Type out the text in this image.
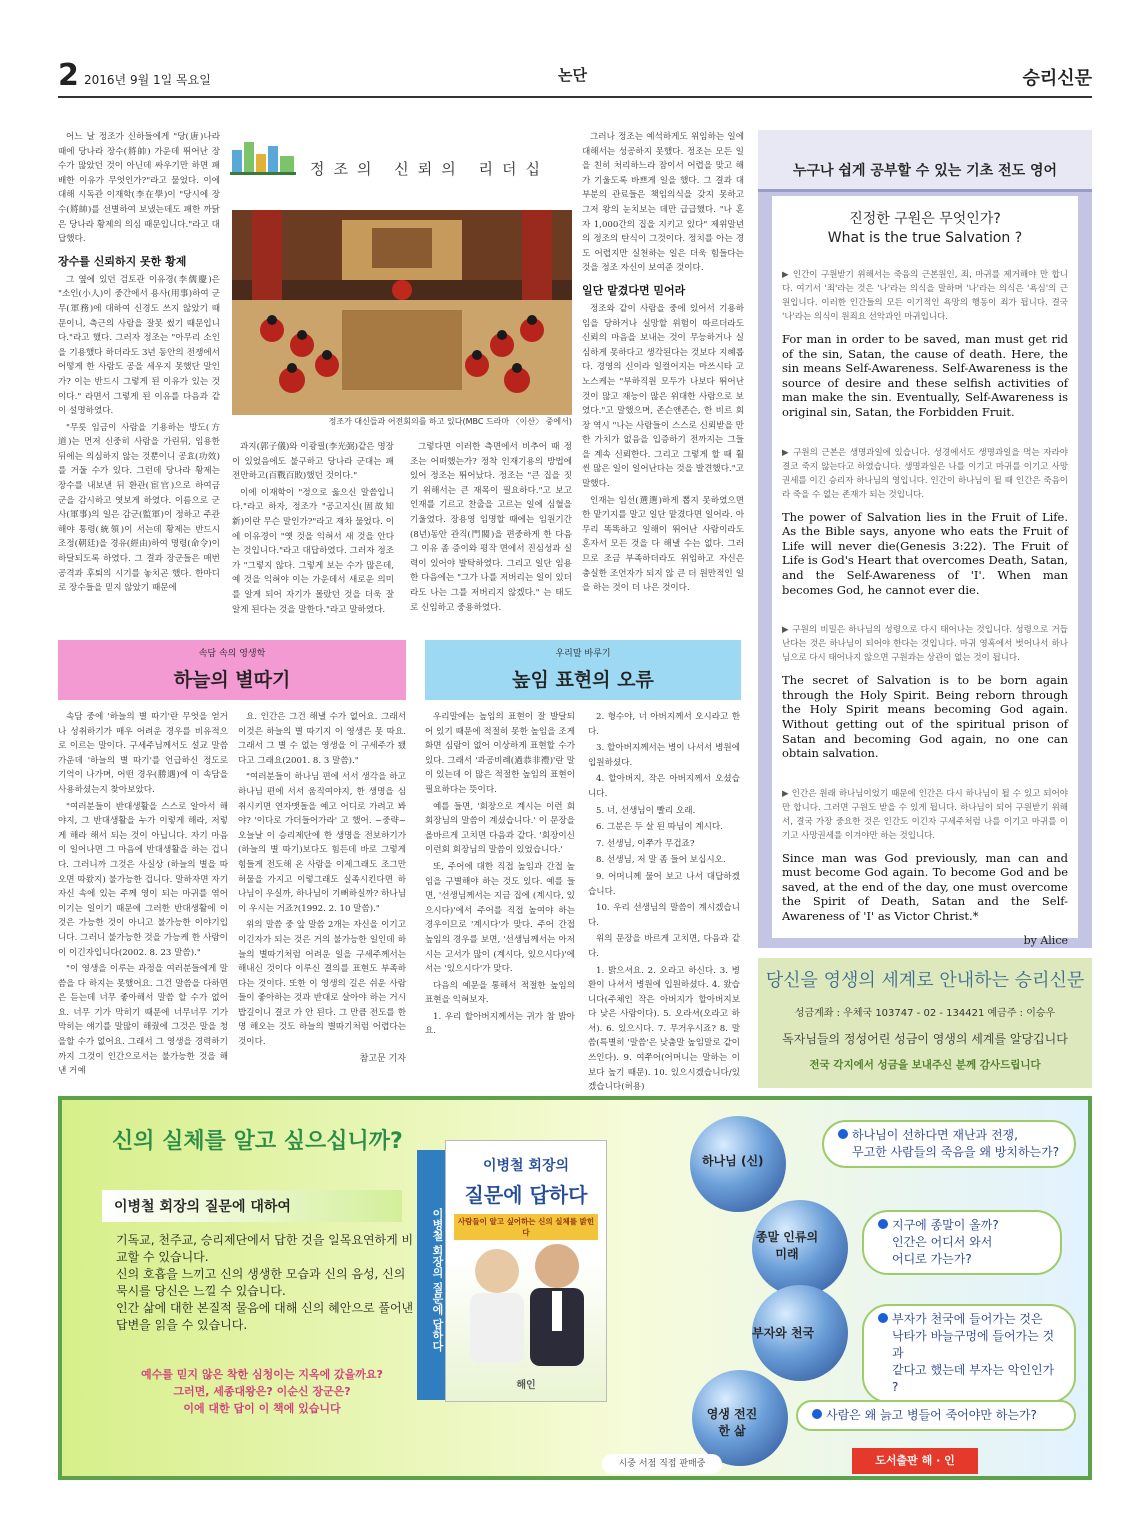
2 2016년 9월 1일 목요일	논단	승리신문

어느 날 정조가 신하들에게 "당(唐)나라 때에 당나라 장수(將帥) 가운데 뛰어난 장수가 많았던 것이 아닌데 싸우기만 하면 패배한 이유가 무엇인가?"라고 물었다. 이에 대해 시독관 이재학(李在學)이 "당시에 장수(將帥)를 선별하여 보냈는데도 패한 까닭은 당나라 황제의 의심 때문입니다."라고 대답했다.

장수를 신뢰하지 못한 황제

그 옆에 있던 검토관 이유경(李儒慶)은 "소인(小人)이 중간에서 용사(用事)하여 군무(軍務)에 대하여 신경도 쓰지 않았기 때문이니, 측근의 사람을 잘못 썼기 때문입니다."라고 했다. 그러자 정조는 "아무리 소인을 기용했다 하더라도 3년 동안의 전쟁에서 어떻게 한 사람도 공을 세우지 못했단 말인가? 이는 반드시 그렇게 된 이유가 있는 것이다." 라면서 그렇게 된 이유를 다음과 같이 설명하였다.

"무릇 임금이 사람을 기용하는 방도(方道)는 먼저 신중히 사람을 가린뒤, 임용한 뒤에는 의심하지 않는 것뿐이니 공효(功效)를 거둘 수가 있다. 그런데 당나라 황제는 장수를 내보낸 뒤 환관(宦官)으로 하여금 군을 감시하고 엿보게 하였다. 이름으로 군사(軍事)의 일은 감군(監軍)이 정하고 주관해야 통령(統領)이 서는데 황제는 반드시 조정(朝廷)을 경유(經由)하여 명령(命令)이 하달되도록 하였다. 그 결과 장군들은 매번 공격과 후퇴의 시기를 놓치곤 했다. 한마디로 장수들을 믿지 않았기 때문에

정조의 신뢰의 리더십
정조가 대신들과 어전회의를 하고 있다(MBC 드라마 〈이산〉 중에서)

과지(郭子儀)와 이광필(李光弼)같은 명장이 있었음에도 불구하고 당나라 군대는 패전만하고(百戰百敗)했던 것이다."

이에 이재학이 "정으로 옳으신 말씀입니다."라고 하자, 정조가 "공고지신(固故知新)이란 무슨 말인가?"라고 재차 물었다. 이에 이유경이 "옛 것을 익혀서 새 것을 안다는 것입니다."라고 대답하였다. 그러자 정조가 "그렇지 않다. 그렇게 보는 수가 많은데, 예 것을 익혀야 이는 가운데서 새로운 의미를 알게 되어 자기가 몰랐던 것을 더욱 잘 알게 된다는 것을 말한다."라고 말하였다.

그렇다면 이러한 측면에서 비추어 때 정조는 어떠했는가? 정착 인재기용의 방법에 있어 정조는 뛰어났다. 정조는 "큰 집을 짓기 위해서는 큰 재목이 필요하다."고 보고 인재를 기르고 찬출을 고르는 일에 심혈을 기울였다. 장용영 임명할 때에는 임원기간(8년)동안 관직(門閥)을 편중하게 한 다음 그 이유 좀 증이와 평작 면에서 진심성과 실력이 있어야 발탁하였다. 그리고 일단 임용한 다음에는 "그가 나를 저버리는 일이 있더라도 나는 그를 저버리지 않겠다." 는 태도로 신임하고 중용하였다.

그러나 정조는 예석하게도 위임하는 일에 대해서는 성공하지 못했다. 정조는 모든 일을 친히 처리하느라 잠이서 어렵을 맞고 해가 기울도록 바쁘게 일을 했다. 그 결과 대부분의 관료들은 책임의식을 갖지 못하고 그저 왕의 눈치보는 데만 급급했다. "나 혼자 1,000간의 집을 지키고 있다" 제위말년의 정조의 탄식이 그것이다. 정치를 아는 경도 어렵지만 실천하는 일은 더욱 힘들다는 것을 정조 자신이 보여준 것이다.

일단 맡겼다면 믿어라

정조와 같이 사람을 중에 있어서 기용하임을 당하거나 실망할 위험이 따르더라도 신뢰의 마음을 보내는 것이 무능하거나 실심하게 못하다고 생각된다는 것보다 지혜롭다. 경영의 신이라 일컬어지는 마쓰시타 고노스케는 "부하직원 모두가 나보다 뛰어난 것이 많고 재능이 많은 위대한 사람으로 보였다."고 말했으며, 존슨앤존슨, 한 비르 회장 역시 "나는 사람들이 스스로 신뢰받을 만한 가치가 없음을 입증하기 전까지는 그들을 계속 신뢰한다. 그리고 그렇게 할 때 훨씬 많은 일이 일어난다는 것을 발견했다."고 말했다.

인재는 임선(選選)하게 뽑지 못하였으면 한 맡기지를 말고 일단 맡겼다면 일어라. 아무리 똑똑하고 일해이 뛰어난 사람이라도 혼자서 모든 것을 다 해낼 수는 없다. 그러므로 조금 부족하더라도 위임하고 자신은 충실한 조언자가 되지 않 큰 더 원만적인 일을 하는 것이 더 나은 것이다.

속담 속의 영생학
하늘의 별따기

속담 중에 '하늘의 별 따기'란 무엇을 얻거나 성취하기가 매우 어려운 경우를 비유적으로 이르는 말이다. 구세주님께서도 설교 말씀 가운데 '하늘의 별 따기'를 언급하신 정도로 기억이 나가며, 어떤 경우(勝遇)에 이 속담을 사용하셨는지 찾아보았다.

"여러분들이 반대생활을 스스로 알아서 해야지, 그 반대생활을 누가 이렇게 해라, 저렇게 해라 해서 되는 것이 아닙니다. 자기 마음이 일어나면 그 마음에 반대생활을 하는 겁니다. 그러니까 그것은 사실상 (하늘의 별을 따오면 따왔지) 불가능한 겁니다. 말하자면 자기 자신 속에 있는 주께 영이 되는 마귀를 엮어 이기는 일이기 때문에 그러한 반대생활에 이것은 가능한 것이 아니고 불가능한 이야기입니다. 그러니 불가능한 것을 가능케 한 사람이 이 이긴자입니다(2002. 8. 23 말씀)."

"이 영생을 이루는 과정을 여러분들에게 말씀을 다 하지는 못했어요. 그건 말씀을 다하면은 듣는데 너무 좋아해서 말씀 할 수가 없어요. 너무 기가 막히기 때문에 너무너무 기가 막히는 얘기를 말많이 해줬에 그것은 말을 청을할 수가 없어요. 그래서 그 영생을 경력하기까지 그것이 인간으로서는 불가능한 것을 해낸 거예

요. 인간은 그건 해낼 수가 없어요. 그래서 이것은 하늘의 별 따기지 이 영생은 못 따요. 그래서 그 별 수 없는 영생을 이 구세주가 됐다고 그래요(2001. 8. 3 말씀)."

"여러분들이 하나님 편에 서서 생각을 하고 하나님 편에 서서 움직여야지, 한 생명을 심취시키면 연자맷돌을 예고 어디로 가려고 봐야? '이다로 가더들어가라' 고 했어. ~중략~ 오늘날 이 승리제단에 한 생명을 전보하기가 (하늘의 별 따기)보다도 힘든데 바로 그렇게 힘들게 전도해 온 사람을 이제그래도 조그만 허물을 가지고 이렇그래도 실족시킨다면 하나님이 우실까, 하나님이 기뻐하실까? 하나님이 우시는 거죠?(1992. 2. 10 말씀)."

위의 말씀 중 앞 말씀 2개는 자신을 이기고 이긴자가 되는 것은 거의 불가능한 일인데 하늘의 별따기처럼 어려운 일을 구세주께서는 해내신 것이다 이루신 결의를 표현도 부족하다는 것이다. 또한 이 영생의 길은 쉬운 사람들이 좋아하는 것과 반대로 살아야 하는 거시밥길이니 결코 가 안 된다. 그 만큼 전도를 한 명 해오는 것도 하늘의 별따기처럼 어렵다는 것이다.

참고문 기자
우리말 바루기
높임 표현의 오류

우리말에는 높임의 표현이 잘 발달되어 있기 때문에 적절히 못한 높임을 조게 화면 심람이 없어 이상하게 표현할 수가 있다. 그래서 '과공비례(過恭非禮)'란 말이 있는데 이 많은 적절한 높임의 표현이 필요하다는 뜻이다.

예를 들면, '회장으로 계시는 이런 회 회장님의 말씀이 계셨습니다.' 이 문장을 올바르게 고치면 다음과 같다. '회장이신 이런회 회장님의 말씀이 있었습니다.'

또, 주어에 대한 직접 높임과 간접 높임을 구별해야 하는 것도 있다. 예를 들면, '선생님께서는 지금 집에 (계시다, 있으시다)'에서 주어를 직접 높여야 하는 경우이므로 '계시다'가 맞다. 주어 간접 높임의 경우를 보면, '선생님께서는 아저시는 고서가 많이 (계시다, 있으시다)'에서는 '있으시다'가 맞다.

다음의 예문을 통해서 적절한 높임의 표현을 익혀보자.

1. 우리 할아버지께서는 귀가 참 밝아요.

2. 형수야, 너 아버지께서 오시라고 한다.

3. 할아버지께서는 병이 나서서 병원에 입원하셨다.

4. 할아버지, 작은 아버지께서 오셨습니다.

5. 너, 선생님이 빨리 오래.

6. 그분은 두 살 된 따님이 계시다.

7. 선생님, 이쭈가 무겁죠?

8. 선생님, 저 말 좀 들어 보십시오.

9. 어머니께 물어 보고 나서 대답하겠습니다.

10. 우리 선생님의 말씀이 계시겠습니다.

위의 문장을 바르게 고치면, 다음과 같다.

1. 밝으셔요. 2. 오라고 하신다. 3. 병환이 나셔서 병원에 입원하셨다. 4. 왔습니다(주체인 작은 아버지가 할아버지보다 낮은 사람이다). 5. 오라셔(오라고 하셔). 6. 있으시다. 7. 무거우시죠? 8. 말씀(특별히 '말씀'은 낮춤말 높임말로 같이 쓰인다). 9. 여쭈어(어머니는 말하는 이보다 높기 때문). 10. 있으시겠습니다/있겠습니다(허용)

누구나 쉽게 공부할 수 있는 기초 전도 영어
진정한 구원은 무엇인가?
What is the true Salvation ?
▶ 인간이 구원받기 위해서는 죽음의 근본원인, 죄, 마귀를 제거해야 만 합니다. 여기서 '죄'라는 것은 '나'라는 의식을 말하며 '나'라는 의식은 '욕심'의 근원입니다. 이러한 인간들의 모든 이기적인 욕망의 행동이 죄가 됩니다. 결국 '나'라는 의식이 원죄요 선악과인 마귀입니다.
For man in order to be saved, man must get rid of the sin, Satan, the cause of death. Here, the sin means Self-Awareness. Self-Awareness is the source of desire and these selfish activities of man make the sin. Eventually, Self-Awareness is original sin, Satan, the Forbidden Fruit.
▶ 구원의 근본은 생명과일에 있습니다. 성경에서도 생명과일을 먹는 자라야 결코 죽지 않는다고 하였습니다. 생명과일은 나를 이기고 마귀를 이기고 사망권세를 이긴 승리자 하나님의 영입니다. 인간이 하나님이 될 때 인간은 죽음이라 죽을 수 없는 존재가 되는 것입니다.
The power of Salvation lies in the Fruit of Life. As the Bible says, anyone who eats the Fruit of Life will never die(Genesis 3:22). The Fruit of Life is God's Heart that overcomes Death, Satan, and the Self-Awareness of 'I'. When man becomes God, he cannot ever die.
▶ 구원의 비밀은 하나님의 성령으로 다시 태어나는 것입니다. 성령으로 거듭난다는 것은 하나님이 되어야 한다는 것입니다. 마귀 영혹에서 벗어나서 하나님으로 다시 태어나지 않으면 구원과는 상관이 없는 것이 됩니다.
The secret of Salvation is to be born again through the Holy Spirit. Being reborn through the Holy Spirit means becoming God again. Without getting out of the spiritual prison of Satan and becoming God again, no one can obtain salvation.
▶ 인간은 원래 하나님이었기 때문에 인간은 다시 하나님이 될 수 있고 되어야만 합니다. 그러면 구원도 받을 수 있게 됩니다. 하나님이 되어 구원받기 위해서, 결국 가장 중요한 것은 인간도 이긴자 구세주처럼 나를 이기고 마귀를 이기고 사망권세를 이겨야만 하는 것입니다.
Since man was God previously, man can and must become God again. To become God and be saved, at the end of the day, one must overcome the Spirit of Death, Satan and the Self-Awareness of 'I' as Victor Christ.*
by Alice
당신을 영생의 세계로 안내하는 승리신문
성금계좌 : 우체국 103747 - 02 - 134421 예금주 : 이승우
독자님들의 정성어린 성금이 영생의 세계를 알당깁니다
전국 각지에서 성금을 보내주신 분께 감사드립니다
신의 실체를 알고 싶으십니까?
이병철 회장의 질문에 대하여
기독교, 천주교, 승리제단에서 답한 것을 일목요연하게 비교할 수 있습니다.
신의 호흡을 느끼고 신의 생생한 모습과 신의 음성, 신의 묵시를 당신은 느낄 수 있습니다.
인간 삶에 대한 본질적 물음에 대해 신의 혜안으로 풀어낸 답변을 읽을 수 있습니다.
예수를 믿지 않은 착한 심청이는 지옥에 갔을까요?
그러면, 세종대왕은? 이순신 장군은?
이에 대한 답이 이 책에 있습니다
이병철 회장의 질문에 답하다
이병철 회장의
질문에 답하다
사람들이 알고 싶어하는 신의 실체를 밝힌다
해인
하나님 (신)
종말 인류의 미래
부자와 천국
영생 전진한 삶
하나님이 선하다면 재난과 전쟁,
무고한 사람들의 죽음을 왜 방치하는가?
지구에 종말이 올까?
인간은 어디서 와서
어디로 가는가?
부자가 천국에 들어가는 것은
낙타가 바늘구멍에 들어가는 것과
같다고 했는데 부자는 악인인가 ?
사람은 왜 늙고 병들어 죽어야만 하는가?
시중 서점 직접 판매중	도서출판 해 · 인
